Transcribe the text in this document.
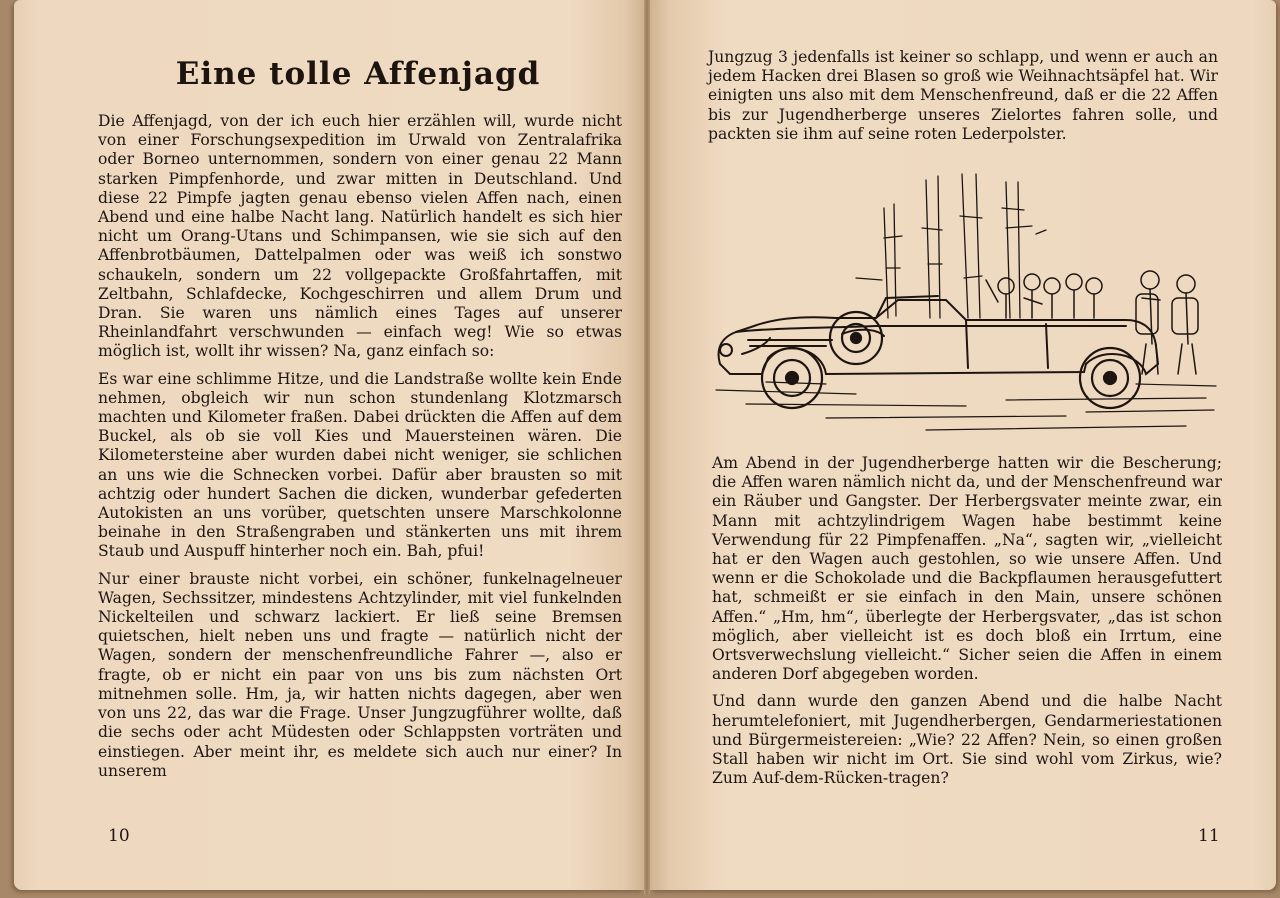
Eine tolle Affenjagd

Die Affenjagd, von der ich euch hier erzählen will, wurde nicht von einer Forschungsexpedition im Urwald von Zentralafrika oder Borneo unternommen, sondern von einer genau 22 Mann starken Pimpfenhorde, und zwar mitten in Deutschland. Und diese 22 Pimpfe jagten genau ebenso vielen Affen nach, einen Abend und eine halbe Nacht lang. Natürlich handelt es sich hier nicht um Orang-Utans und Schimpansen, wie sie sich auf den Affenbrotbäumen, Dattelpalmen oder was weiß ich sonstwo schaukeln, sondern um 22 vollgepackte Großfahrtaffen, mit Zeltbahn, Schlafdecke, Kochgeschirren und allem Drum und Dran. Sie waren uns nämlich eines Tages auf unserer Rheinlandfahrt verschwunden — einfach weg! Wie so etwas möglich ist, wollt ihr wissen? Na, ganz einfach so:

Es war eine schlimme Hitze, und die Landstraße wollte kein Ende nehmen, obgleich wir nun schon stundenlang Klotzmarsch machten und Kilometer fraßen. Dabei drückten die Affen auf dem Buckel, als ob sie voll Kies und Mauersteinen wären. Die Kilometersteine aber wurden dabei nicht weniger, sie schlichen an uns wie die Schnecken vorbei. Dafür aber brausten so mit achtzig oder hundert Sachen die dicken, wunderbar gefederten Autokisten an uns vorüber, quetschten unsere Marschkolonne beinahe in den Straßengraben und stänkerten uns mit ihrem Staub und Auspuff hinterher noch ein. Bah, pfui!

Nur einer brauste nicht vorbei, ein schöner, funkelnagelneuer Wagen, Sechssitzer, mindestens Achtzylinder, mit viel funkelnden Nickelteilen und schwarz lackiert. Er ließ seine Bremsen quietschen, hielt neben uns und fragte — natürlich nicht der Wagen, sondern der menschenfreundliche Fahrer —, also er fragte, ob er nicht ein paar von uns bis zum nächsten Ort mitnehmen solle. Hm, ja, wir hatten nichts dagegen, aber wen von uns 22, das war die Frage. Unser Jungzugführer wollte, daß die sechs oder acht Müdesten oder Schlappsten vorträten und einstiegen. Aber meint ihr, es meldete sich auch nur einer? In unserem

10

Jungzug 3 jedenfalls ist keiner so schlapp, und wenn er auch an jedem Hacken drei Blasen so groß wie Weihnachtsäpfel hat. Wir einigten uns also mit dem Menschenfreund, daß er die 22 Affen bis zur Jugendherberge unseres Zielortes fahren solle, und packten sie ihm auf seine roten Lederpolster.

Am Abend in der Jugendherberge hatten wir die Bescherung; die Affen waren nämlich nicht da, und der Menschenfreund war ein Räuber und Gangster. Der Herbergsvater meinte zwar, ein Mann mit achtzylindrigem Wagen habe bestimmt keine Verwendung für 22 Pimpfenaffen. „Na“, sagten wir, „vielleicht hat er den Wagen auch gestohlen, so wie unsere Affen. Und wenn er die Schokolade und die Backpflaumen herausgefuttert hat, schmeißt er sie einfach in den Main, unsere schönen Affen.“ „Hm, hm“, überlegte der Herbergsvater, „das ist schon möglich, aber vielleicht ist es doch bloß ein Irrtum, eine Ortsverwechslung vielleicht.“ Sicher seien die Affen in einem anderen Dorf abgegeben worden.

Und dann wurde den ganzen Abend und die halbe Nacht herumtelefoniert, mit Jugendherbergen, Gendarmeriestationen und Bürgermeistereien: „Wie? 22 Affen? Nein, so einen großen Stall haben wir nicht im Ort. Sie sind wohl vom Zirkus, wie? Zum Auf-dem-Rücken-tragen?

11
